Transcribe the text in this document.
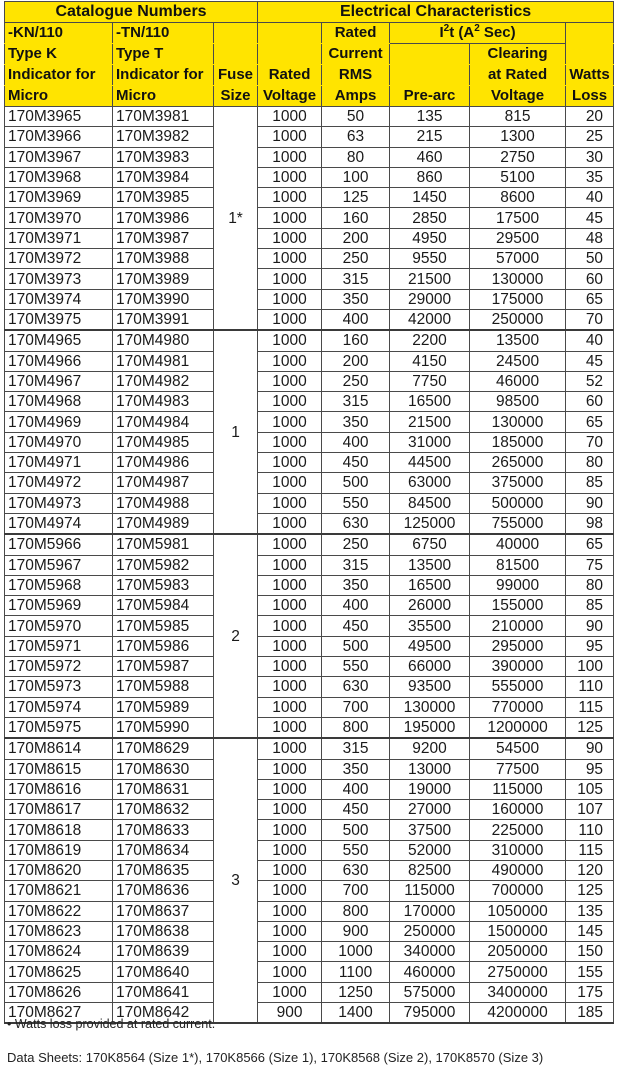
Catalogue Numbers			Electrical Characteristics				
-KN/110	-TN/110			Rated	$I^2t$ ($A^2$ Sec)		
Type K	Type T			Current		Clearing	
Indicator for	Indicator for	Fuse	Rated	RMS		at Rated	Watts
Micro	Micro	Size	Voltage	Amps	Pre-arc	Voltage	Loss
170M3965	170M3981	1*	1000	50	135	815	20
170M3966	170M3982		1000	63	215	1300	25
170M3967	170M3983		1000	80	460	2750	30
170M3968	170M3984		1000	100	860	5100	35
170M3969	170M3985		1000	125	1450	8600	40
170M3970	170M3986		1000	160	2850	17500	45
170M3971	170M3987		1000	200	4950	29500	48
170M3972	170M3988		1000	250	9550	57000	50
170M3973	170M3989		1000	315	21500	130000	60
170M3974	170M3990		1000	350	29000	175000	65
170M3975	170M3991		1000	400	42000	250000	70
170M4965	170M4980	1	1000	160	2200	13500	40
170M4966	170M4981		1000	200	4150	24500	45
170M4967	170M4982		1000	250	7750	46000	52
170M4968	170M4983		1000	315	16500	98500	60
170M4969	170M4984		1000	350	21500	130000	65
170M4970	170M4985		1000	400	31000	185000	70
170M4971	170M4986		1000	450	44500	265000	80
170M4972	170M4987		1000	500	63000	375000	85
170M4973	170M4988		1000	550	84500	500000	90
170M4974	170M4989		1000	630	125000	755000	98
170M5966	170M5981	2	1000	250	6750	40000	65
170M5967	170M5982		1000	315	13500	81500	75
170M5968	170M5983		1000	350	16500	99000	80
170M5969	170M5984		1000	400	26000	155000	85
170M5970	170M5985		1000	450	35500	210000	90
170M5971	170M5986		1000	500	49500	295000	95
170M5972	170M5987		1000	550	66000	390000	100
170M5973	170M5988		1000	630	93500	555000	110
170M5974	170M5989		1000	700	130000	770000	115
170M5975	170M5990		1000	800	195000	1200000	125
170M8614	170M8629	3	1000	315	9200	54500	90
170M8615	170M8630		1000	350	13000	77500	95
170M8616	170M8631		1000	400	19000	115000	105
170M8617	170M8632		1000	450	27000	160000	107
170M8618	170M8633		1000	500	37500	225000	110
170M8619	170M8634		1000	550	52000	310000	115
170M8620	170M8635		1000	630	82500	490000	120
170M8621	170M8636		1000	700	115000	700000	125
170M8622	170M8637		1000	800	170000	1050000	135
170M8623	170M8638		1000	900	250000	1500000	145
170M8624	170M8639		1000	1000	340000	2050000	150
170M8625	170M8640		1000	1100	460000	2750000	155
170M8626	170M8641		1000	1250	575000	3400000	175
170M8627	170M8642		900	1400	795000	4200000	185
• Watts loss provided at rated current.
Data Sheets: 170K8564 (Size 1*), 170K8566 (Size 1), 170K8568 (Size 2), 170K8570 (Size 3)
